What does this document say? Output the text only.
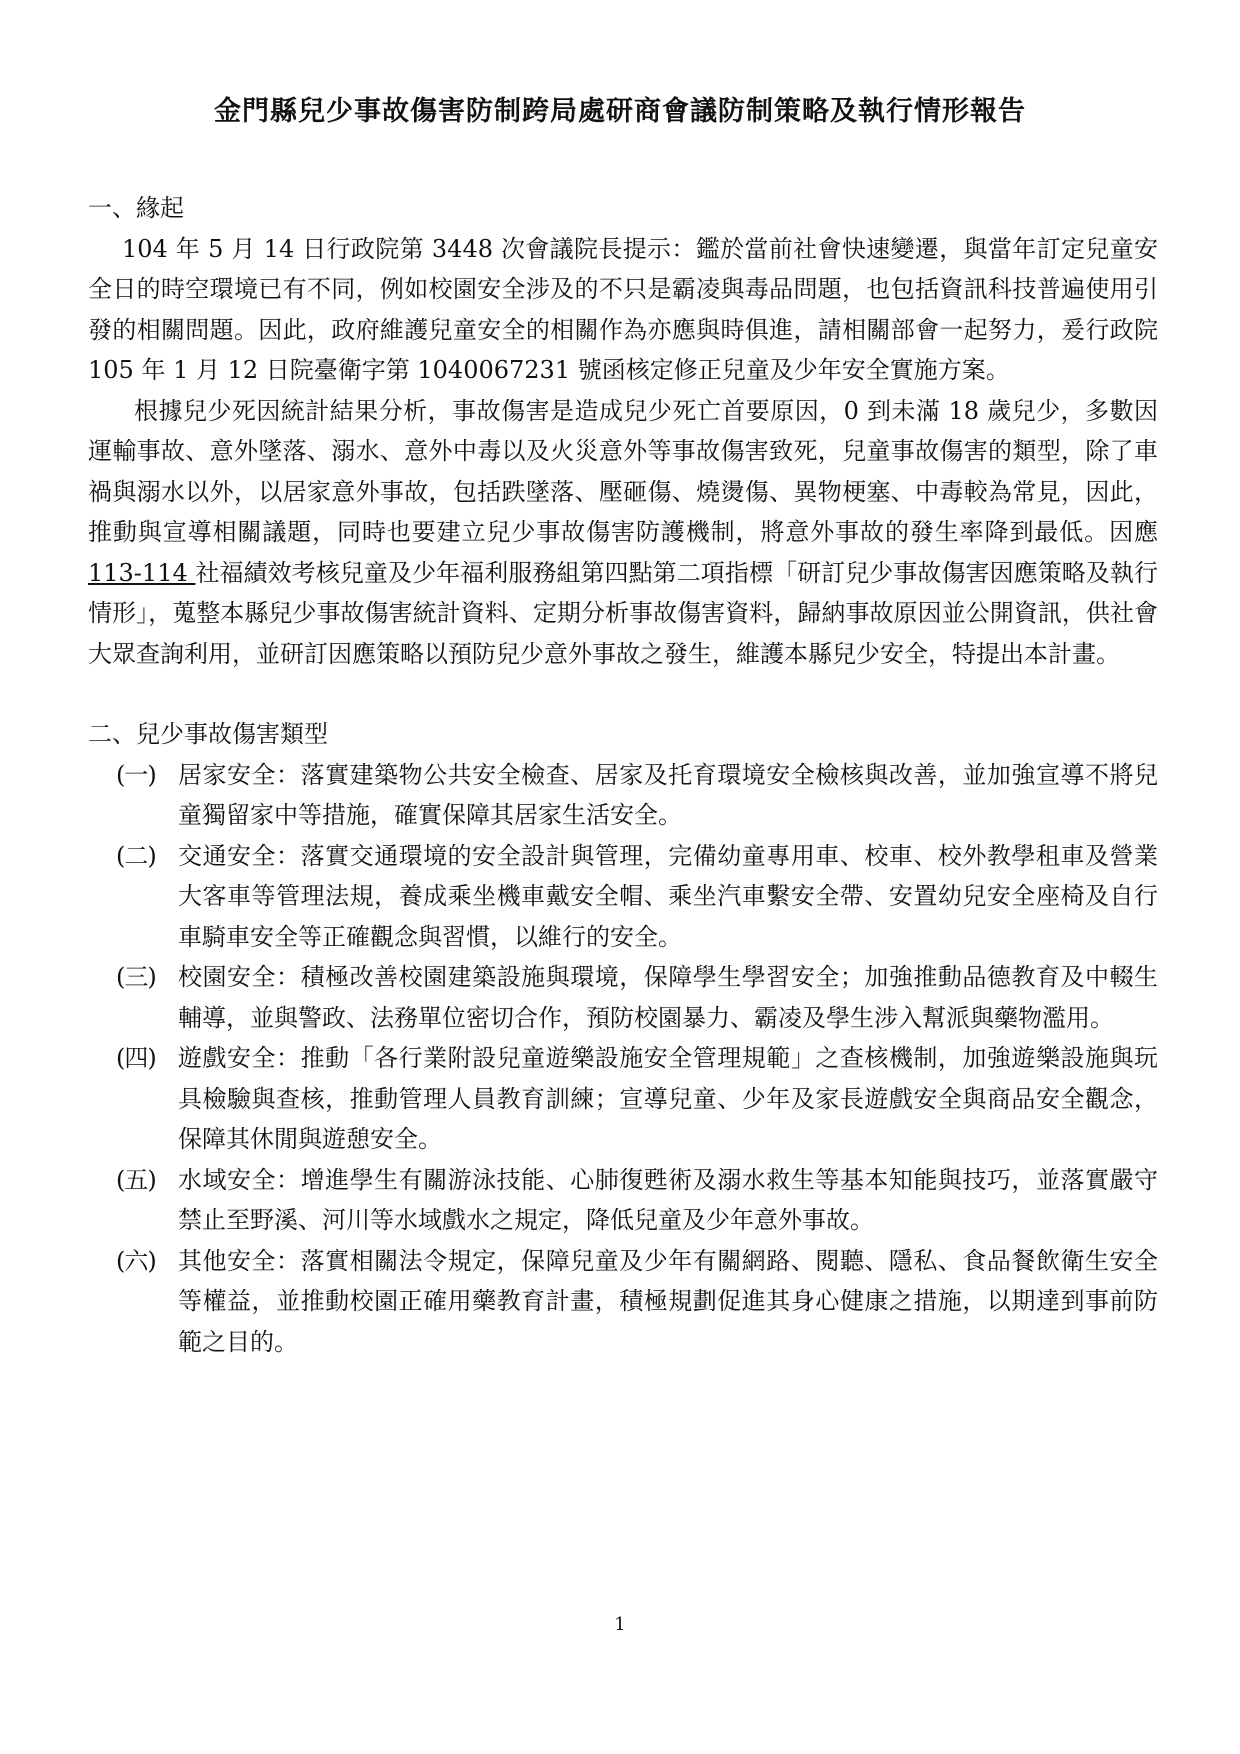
金門縣兒少事故傷害防制跨局處研商會議防制策略及執行情形報告

一、緣起

104 年 5 月 14 日行政院第 3448 次會議院長提示：鑑於當前社會快速變遷，與當年訂定兒童安全日的時空環境已有不同，例如校園安全涉及的不只是霸凌與毒品問題，也包括資訊科技普遍使用引發的相關問題。因此，政府維護兒童安全的相關作為亦應與時俱進，請相關部會一起努力，爰行政院 105 年 1 月 12 日院臺衛字第 1040067231 號函核定修正兒童及少年安全實施方案。

根據兒少死因統計結果分析，事故傷害是造成兒少死亡首要原因，0 到未滿 18 歲兒少，多數因運輸事故、意外墜落、溺水、意外中毒以及火災意外等事故傷害致死，兒童事故傷害的類型，除了車禍與溺水以外，以居家意外事故，包括跌墜落、壓砸傷、燒燙傷、異物梗塞、中毒較為常見，因此，推動與宣導相關議題，同時也要建立兒少事故傷害防護機制，將意外事故的發生率降到最低。因應 113-114 社福績效考核兒童及少年福利服務組第四點第二項指標「研訂兒少事故傷害因應策略及執行情形」，蒐整本縣兒少事故傷害統計資料、定期分析事故傷害資料，歸納事故原因並公開資訊，供社會大眾查詢利用，並研訂因應策略以預防兒少意外事故之發生，維護本縣兒少安全，特提出本計畫。

二、兒少事故傷害類型

(一) 居家安全：落實建築物公共安全檢查、居家及托育環境安全檢核與改善，並加強宣導不將兒童獨留家中等措施，確實保障其居家生活安全。

(二) 交通安全：落實交通環境的安全設計與管理，完備幼童專用車、校車、校外教學租車及營業大客車等管理法規，養成乘坐機車戴安全帽、乘坐汽車繫安全帶、安置幼兒安全座椅及自行車騎車安全等正確觀念與習慣，以維行的安全。

(三) 校園安全：積極改善校園建築設施與環境，保障學生學習安全；加強推動品德教育及中輟生輔導，並與警政、法務單位密切合作，預防校園暴力、霸凌及學生涉入幫派與藥物濫用。

(四) 遊戲安全：推動「各行業附設兒童遊樂設施安全管理規範」之查核機制，加強遊樂設施與玩具檢驗與查核，推動管理人員教育訓練；宣導兒童、少年及家長遊戲安全與商品安全觀念，保障其休閒與遊憩安全。

(五) 水域安全：增進學生有關游泳技能、心肺復甦術及溺水救生等基本知能與技巧，並落實嚴守禁止至野溪、河川等水域戲水之規定，降低兒童及少年意外事故。

(六) 其他安全：落實相關法令規定，保障兒童及少年有關網路、閱聽、隱私、食品餐飲衛生安全等權益，並推動校園正確用藥教育計畫，積極規劃促進其身心健康之措施，以期達到事前防範之目的。

1
